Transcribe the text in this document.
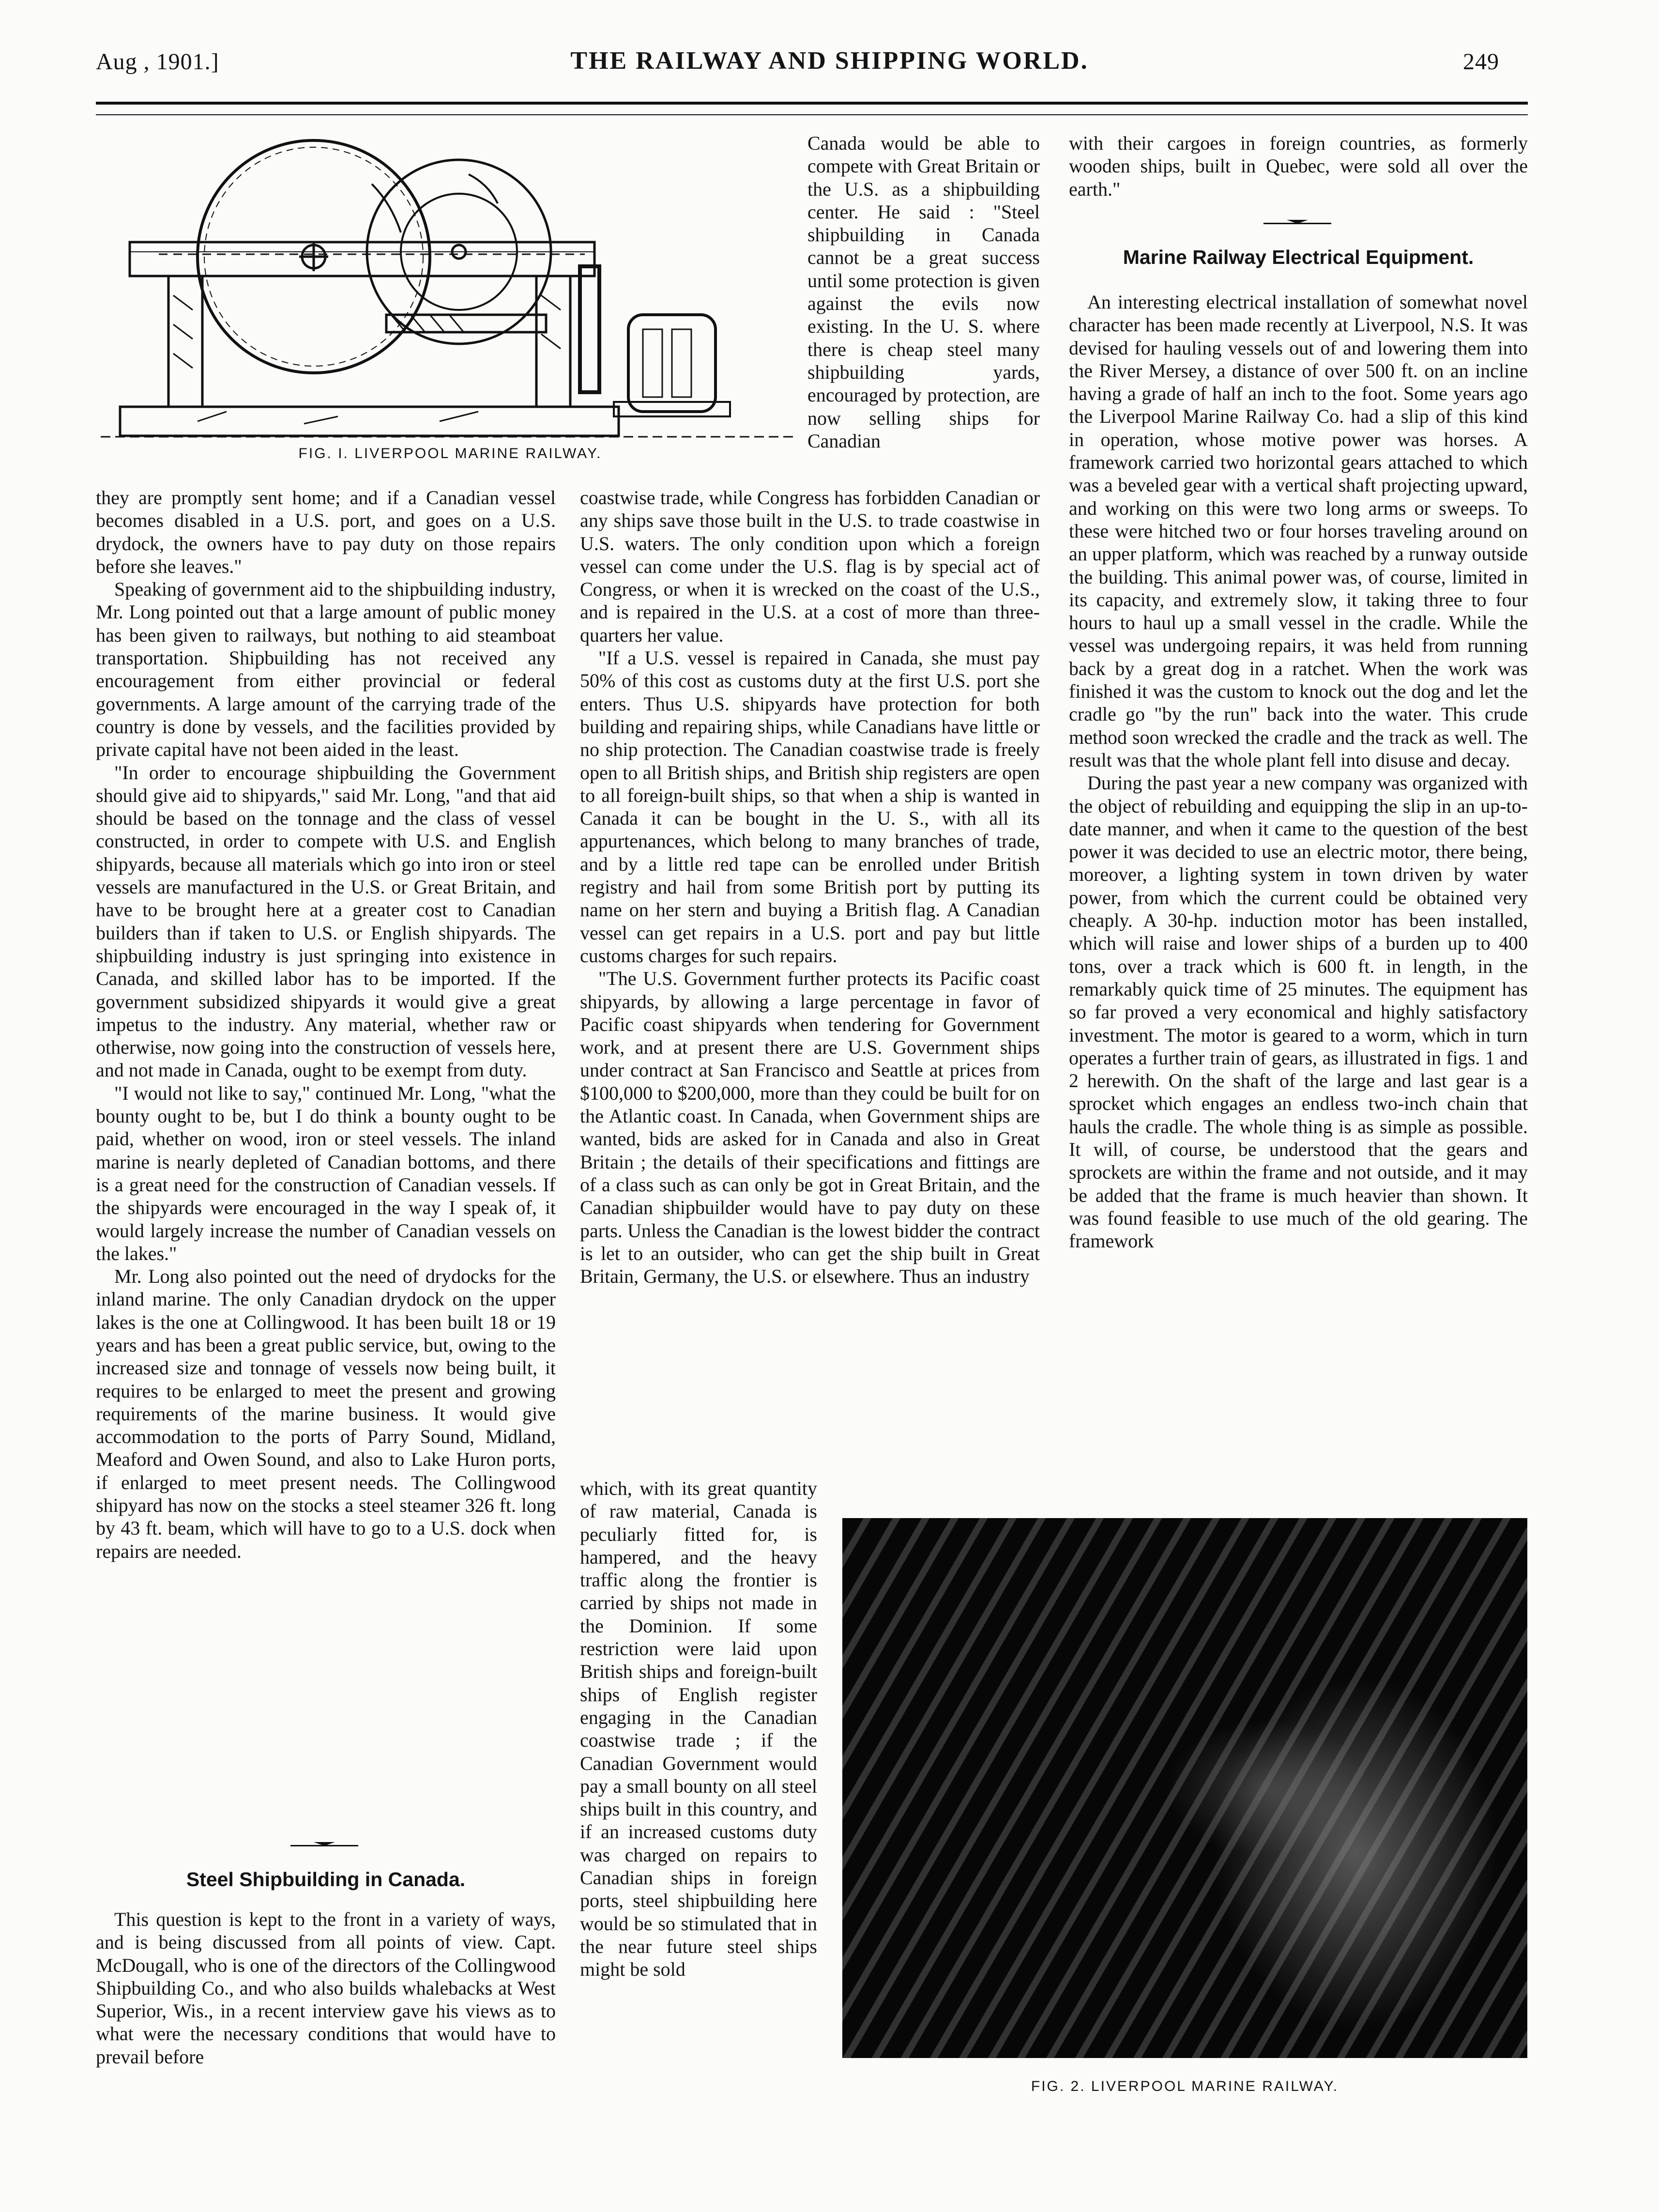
Aug , 1901.]	THE RAILWAY AND SHIPPING WORLD.	249
FIG. I. LIVERPOOL MARINE RAILWAY.

they are promptly sent home; and if a Canadian vessel becomes disabled in a U.S. port, and goes on a U.S. drydock, the owners have to pay duty on those repairs before she leaves."

Speaking of government aid to the shipbuilding industry, Mr. Long pointed out that a large amount of public money has been given to railways, but nothing to aid steamboat transportation. Shipbuilding has not received any encouragement from either provincial or federal governments. A large amount of the carrying trade of the country is done by vessels, and the facilities provided by private capital have not been aided in the least.

"In order to encourage shipbuilding the Government should give aid to shipyards," said Mr. Long, "and that aid should be based on the tonnage and the class of vessel constructed, in order to compete with U.S. and English shipyards, because all materials which go into iron or steel vessels are manufactured in the U.S. or Great Britain, and have to be brought here at a greater cost to Canadian builders than if taken to U.S. or English shipyards. The shipbuilding industry is just springing into existence in Canada, and skilled labor has to be imported. If the government subsidized shipyards it would give a great impetus to the industry. Any material, whether raw or otherwise, now going into the construction of vessels here, and not made in Canada, ought to be exempt from duty.

"I would not like to say," continued Mr. Long, "what the bounty ought to be, but I do think a bounty ought to be paid, whether on wood, iron or steel vessels. The inland marine is nearly depleted of Canadian bottoms, and there is a great need for the construction of Canadian vessels. If the shipyards were encouraged in the way I speak of, it would largely increase the number of Canadian vessels on the lakes."

Mr. Long also pointed out the need of drydocks for the inland marine. The only Canadian drydock on the upper lakes is the one at Collingwood. It has been built 18 or 19 years and has been a great public service, but, owing to the increased size and tonnage of vessels now being built, it requires to be enlarged to meet the present and growing requirements of the marine business. It would give accommodation to the ports of Parry Sound, Midland, Meaford and Owen Sound, and also to Lake Huron ports, if enlarged to meet present needs. The Collingwood shipyard has now on the stocks a steel steamer 326 ft. long by 43 ft. beam, which will have to go to a U.S. dock when repairs are needed.

Steel Shipbuilding in Canada.

This question is kept to the front in a variety of ways, and is being discussed from all points of view. Capt. McDougall, who is one of the directors of the Collingwood Shipbuilding Co., and who also builds whalebacks at West Superior, Wis., in a recent interview gave his views as to what were the necessary conditions that would have to prevail before

Canada would be able to compete with Great Britain or the U.S. as a shipbuilding center. He said : "Steel shipbuilding in Canada cannot be a great success until some protection is given against the evils now existing. In the U. S. where there is cheap steel many shipbuilding yards, encouraged by protection, are now selling ships for Canadian

coastwise trade, while Congress has forbidden Canadian or any ships save those built in the U.S. to trade coastwise in U.S. waters. The only condition upon which a foreign vessel can come under the U.S. flag is by special act of Congress, or when it is wrecked on the coast of the U.S., and is repaired in the U.S. at a cost of more than three-quarters her value.

"If a U.S. vessel is repaired in Canada, she must pay 50% of this cost as customs duty at the first U.S. port she enters. Thus U.S. shipyards have protection for both building and repairing ships, while Canadians have little or no ship protection. The Canadian coastwise trade is freely open to all British ships, and British ship registers are open to all foreign-built ships, so that when a ship is wanted in Canada it can be bought in the U. S., with all its appurtenances, which belong to many branches of trade, and by a little red tape can be enrolled under British registry and hail from some British port by putting its name on her stern and buying a British flag. A Canadian vessel can get repairs in a U.S. port and pay but little customs charges for such repairs.

"The U.S. Government further protects its Pacific coast shipyards, by allowing a large percentage in favor of Pacific coast shipyards when tendering for Government work, and at present there are U.S. Government ships under contract at San Francisco and Seattle at prices from $100,000 to $200,000, more than they could be built for on the Atlantic coast. In Canada, when Government ships are wanted, bids are asked for in Canada and also in Great Britain ; the details of their specifications and fittings are of a class such as can only be got in Great Britain, and the Canadian shipbuilder would have to pay duty on these parts. Unless the Canadian is the lowest bidder the contract is let to an outsider, who can get the ship built in Great Britain, Germany, the U.S. or elsewhere. Thus an industry

which, with its great quantity of raw material, Canada is peculiarly fitted for, is hampered, and the heavy traffic along the frontier is carried by ships not made in the Dominion. If some restriction were laid upon British ships and foreign-built ships of English register engaging in the Canadian coastwise trade ; if the Canadian Government would pay a small bounty on all steel ships built in this country, and if an increased customs duty was charged on repairs to Canadian ships in foreign ports, steel shipbuilding here would be so stimulated that in the near future steel ships might be sold

with their cargoes in foreign countries, as formerly wooden ships, built in Quebec, were sold all over the earth."

Marine Railway Electrical Equipment.

An interesting electrical installation of somewhat novel character has been made recently at Liverpool, N.S. It was devised for hauling vessels out of and lowering them into the River Mersey, a distance of over 500 ft. on an incline having a grade of half an inch to the foot. Some years ago the Liverpool Marine Railway Co. had a slip of this kind in operation, whose motive power was horses. A framework carried two horizontal gears attached to which was a beveled gear with a vertical shaft projecting upward, and working on this were two long arms or sweeps. To these were hitched two or four horses traveling around on an upper platform, which was reached by a runway outside the building. This animal power was, of course, limited in its capacity, and extremely slow, it taking three to four hours to haul up a small vessel in the cradle. While the vessel was undergoing repairs, it was held from running back by a great dog in a ratchet. When the work was finished it was the custom to knock out the dog and let the cradle go "by the run" back into the water. This crude method soon wrecked the cradle and the track as well. The result was that the whole plant fell into disuse and decay.

During the past year a new company was organized with the object of rebuilding and equipping the slip in an up-to-date manner, and when it came to the question of the best power it was decided to use an electric motor, there being, moreover, a lighting system in town driven by water power, from which the current could be obtained very cheaply. A 30-hp. induction motor has been installed, which will raise and lower ships of a burden up to 400 tons, over a track which is 600 ft. in length, in the remarkably quick time of 25 minutes. The equipment has so far proved a very economical and highly satisfactory investment. The motor is geared to a worm, which in turn operates a further train of gears, as illustrated in figs. 1 and 2 herewith. On the shaft of the large and last gear is a sprocket which engages an endless two-inch chain that hauls the cradle. The whole thing is as simple as possible. It will, of course, be understood that the gears and sprockets are within the frame and not outside, and it may be added that the frame is much heavier than shown. It was found feasible to use much of the old gearing. The framework

FIG. 2. LIVERPOOL MARINE RAILWAY.
